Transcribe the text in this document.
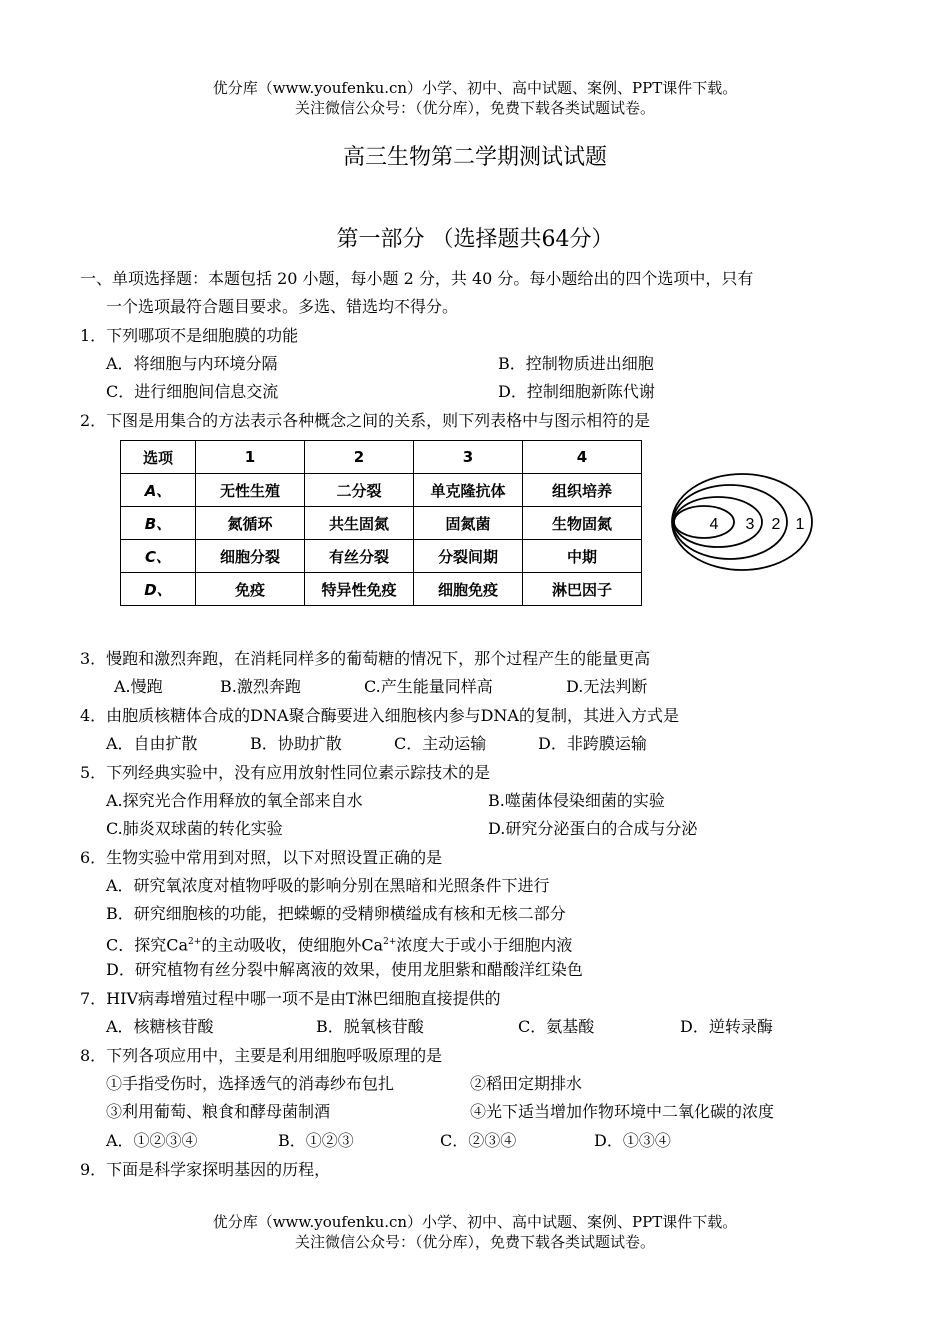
优分库（www.youfenku.cn）小学、初中、高中试题、案例、PPT课件下载。
关注微信公众号：（优分库），免费下载各类试题试卷。
高三生物第二学期测试试题
第一部分 （选择题共64分）
一、单项选择题：本题包括 20 小题，每小题 2 分，共 40 分。每小题给出的四个选项中，只有
一个选项最符合题目要求。多选、错选均不得分。
1．下列哪项不是细胞膜的功能
A．将细胞与内环境分隔	B．控制物质进出细胞
C．进行细胞间信息交流	D．控制细胞新陈代谢
2．下图是用集合的方法表示各种概念之间的关系，则下列表格中与图示相符的是
选项	1	2	3	4
A、	无性生殖	二分裂	单克隆抗体	组织培养
B、	氮循环	共生固氮	固氮菌	生物固氮
C、	细胞分裂	有丝分裂	分裂间期	中期
D、	免疫	特异性免疫	细胞免疫	淋巴因子
4 3 2 1
3．慢跑和激烈奔跑，在消耗同样多的葡萄糖的情况下，那个过程产生的能量更高
A.慢跑	B.激烈奔跑	C.产生能量同样高	D.无法判断
4．由胞质核糖体合成的DNA聚合酶要进入细胞核内参与DNA的复制，其进入方式是
A．自由扩散	B．协助扩散	C．主动运输	D．非跨膜运输
5．下列经典实验中，没有应用放射性同位素示踪技术的是
A.探究光合作用释放的氧全部来自水	B.噬菌体侵染细菌的实验
C.肺炎双球菌的转化实验	D.研究分泌蛋白的合成与分泌
6．生物实验中常用到对照，以下对照设置正确的是
A．研究氧浓度对植物呼吸的影响分别在黑暗和光照条件下进行
B．研究细胞核的功能，把蝾螈的受精卵横缢成有核和无核二部分
C．探究$Ca^{2+}$的主动吸收，使细胞外$Ca^{2+}$浓度大于或小于细胞内液
D．研究植物有丝分裂中解离液的效果，使用龙胆紫和醋酸洋红染色
7．HIV病毒增殖过程中哪一项不是由T淋巴细胞直接提供的
A．核糖核苷酸	B．脱氧核苷酸	C．氨基酸	D．逆转录酶
8．下列各项应用中，主要是利用细胞呼吸原理的是
①手指受伤时，选择透气的消毒纱布包扎	②稻田定期排水
③利用葡萄、粮食和酵母菌制酒	④光下适当增加作物环境中二氧化碳的浓度
A．①②③④	B．①②③	C．②③④	D．①③④
9．下面是科学家探明基因的历程，
优分库（www.youfenku.cn）小学、初中、高中试题、案例、PPT课件下载。
关注微信公众号：（优分库），免费下载各类试题试卷。
